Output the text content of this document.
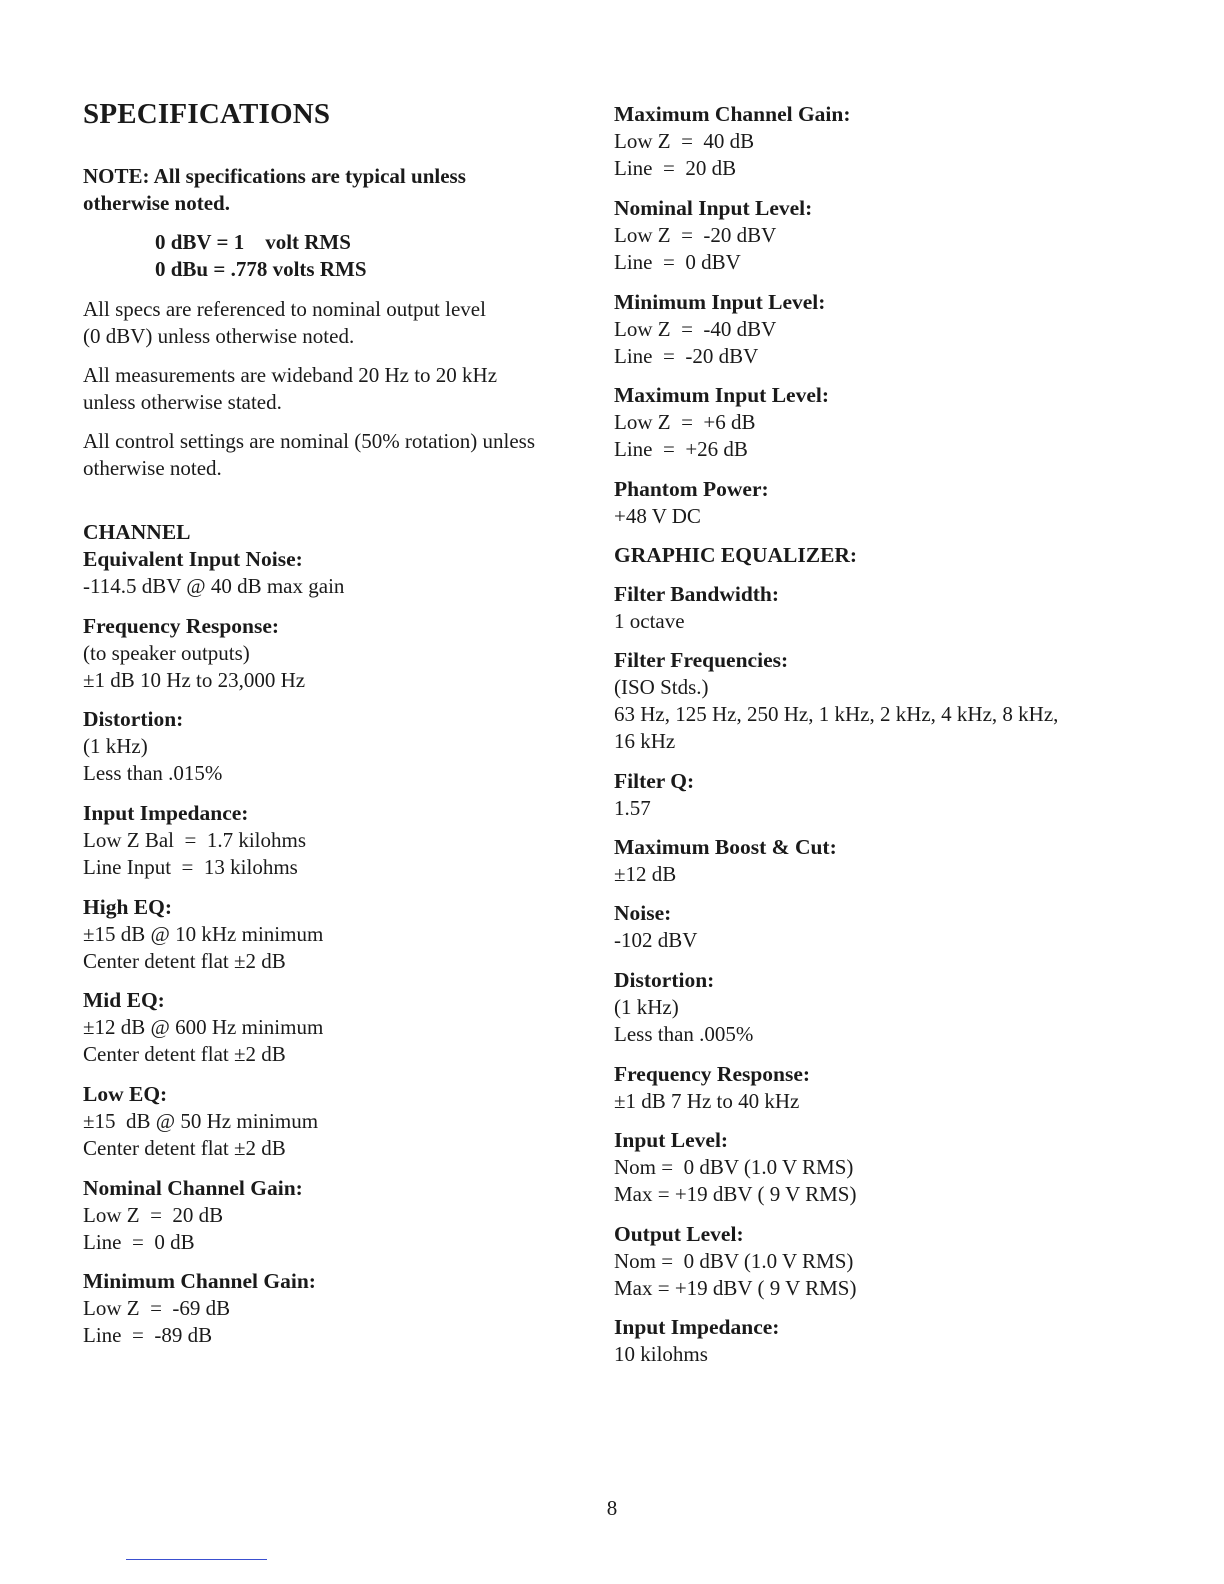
SPECIFICATIONS
NOTE: All specifications are typical unless
otherwise noted.
0 dBV = 1    volt RMS
0 dBu = .778 volts RMS
All specs are referenced to nominal output level
(0 dBV) unless otherwise noted.
All measurements are wideband 20 Hz to 20 kHz
unless otherwise stated.
All control settings are nominal (50% rotation) unless
otherwise noted.
CHANNEL
Equivalent Input Noise:
-114.5 dBV @ 40 dB max gain
Frequency Response:
(to speaker outputs)
±1 dB 10 Hz to 23,000 Hz
Distortion:
(1 kHz)
Less than .015%
Input Impedance:
Low Z Bal  =  1.7 kilohms
Line Input  =  13 kilohms
High EQ:
±15 dB @ 10 kHz minimum
Center detent flat ±2 dB
Mid EQ:
±12 dB @ 600 Hz minimum
Center detent flat ±2 dB
Low EQ:
±15  dB @ 50 Hz minimum
Center detent flat ±2 dB
Nominal Channel Gain:
Low Z  =  20 dB
Line  =  0 dB
Minimum Channel Gain:
Low Z  =  -69 dB
Line  =  -89 dB
Maximum Channel Gain:
Low Z  =  40 dB
Line  =  20 dB
Nominal Input Level:
Low Z  =  -20 dBV
Line  =  0 dBV
Minimum Input Level:
Low Z  =  -40 dBV
Line  =  -20 dBV
Maximum Input Level:
Low Z  =  +6 dB
Line  =  +26 dB
Phantom Power:
+48 V DC
GRAPHIC EQUALIZER:
Filter Bandwidth:
1 octave
Filter Frequencies:
(ISO Stds.)
63 Hz, 125 Hz, 250 Hz, 1 kHz, 2 kHz, 4 kHz, 8 kHz,
16 kHz
Filter Q:
1.57
Maximum Boost & Cut:
±12 dB
Noise:
-102 dBV
Distortion:
(1 kHz)
Less than .005%
Frequency Response:
±1 dB 7 Hz to 40 kHz
Input Level:
Nom =  0 dBV (1.0 V RMS)
Max = +19 dBV ( 9 V RMS)
Output Level:
Nom =  0 dBV (1.0 V RMS)
Max = +19 dBV ( 9 V RMS)
Input Impedance:
10 kilohms
8
